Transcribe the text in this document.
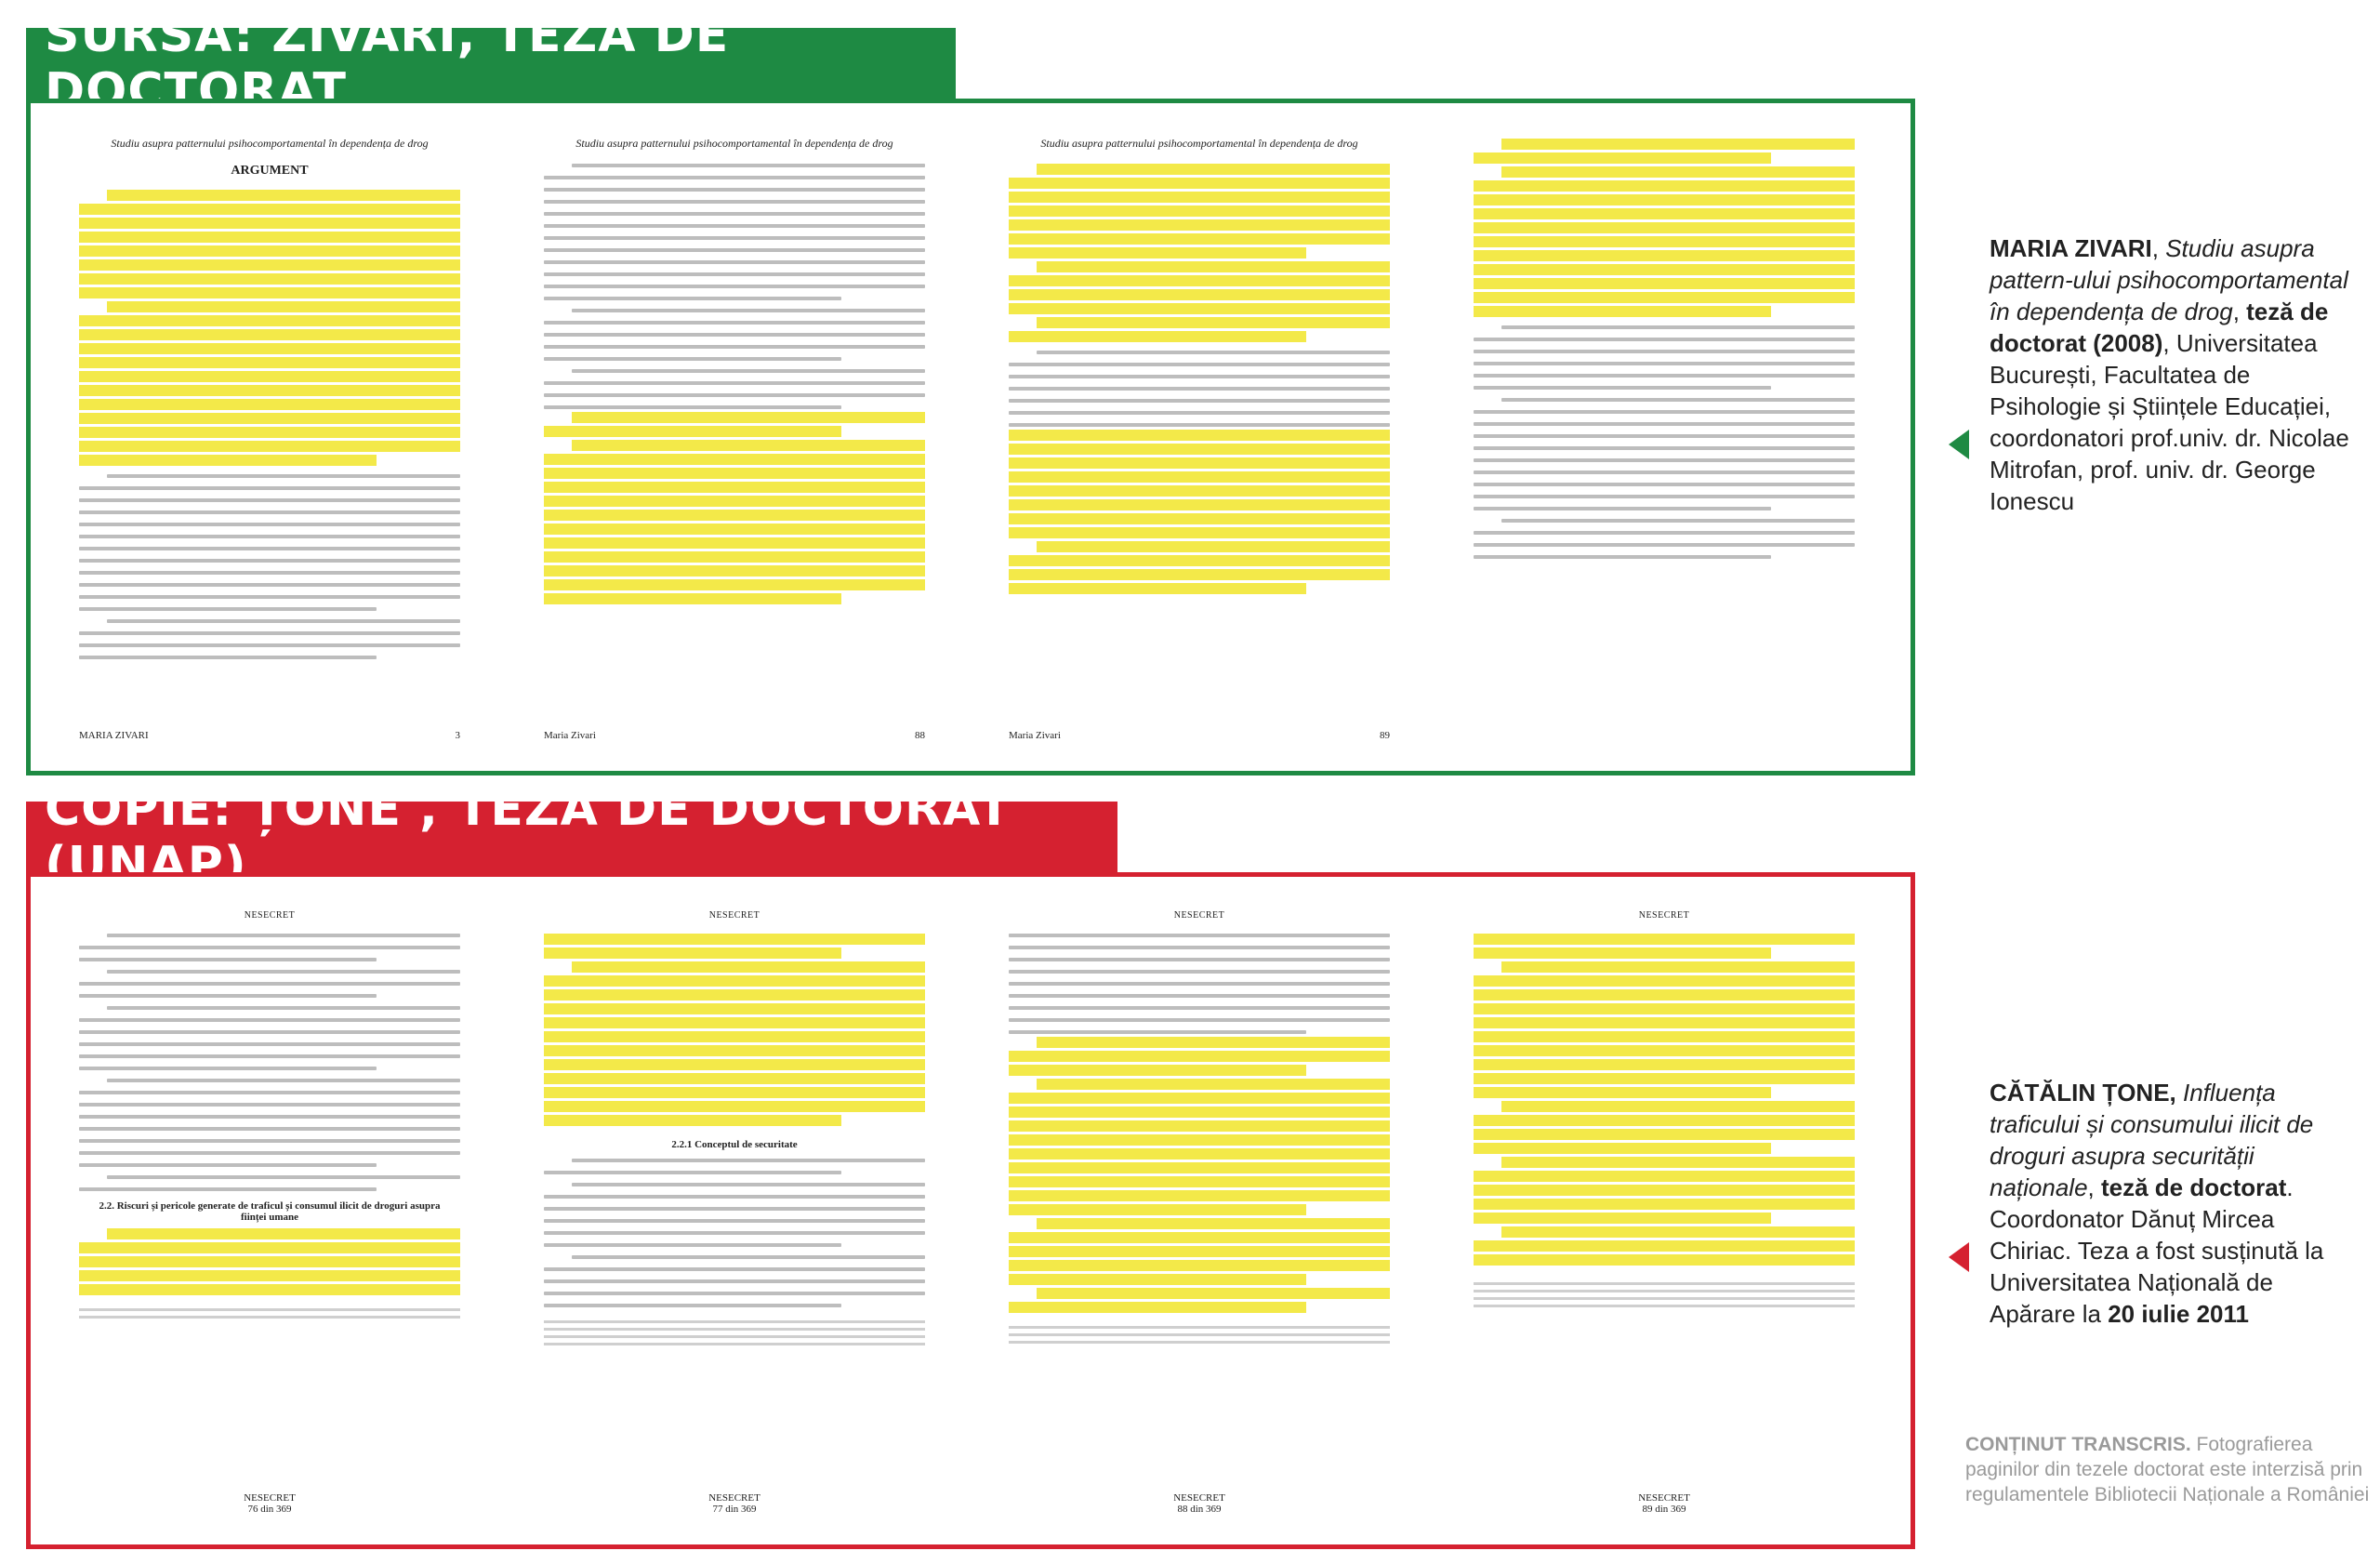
SURSĂ: ZIVARI, TEZĂ DE DOCTORAT
Studiu asupra patternului psihocomportamental în dependența de drog
ARGUMENT
MARIA ZIVARI	3
Studiu asupra patternului psihocomportamental în dependența de drog
Maria Zivari	88
Studiu asupra patternului psihocomportamental în dependența de drog
Maria Zivari	89
MARIA ZIVARI, Studiu asupra pattern-ului psihocomportamental în dependența de drog, teză de doctorat (2008), Universitatea București, Facultatea de Psihologie și Științele Educației, coordonatori prof.univ. dr. Nicolae Mitrofan, prof. univ. dr. George Ionescu
COPIE: ȚONE , TEZĂ DE DOCTORAT (UNAP)
NESECRET
2.2. Riscuri și pericole generate de traficul și consumul ilicit de droguri asupra ființei umane
NESECRET
76 din 369
NESECRET
2.2.1 Conceptul de securitate
NESECRET
77 din 369
NESECRET
NESECRET
88 din 369
NESECRET
NESECRET
89 din 369
CĂTĂLIN ȚONE, Influența traficului și consumului ilicit de droguri asupra securității naționale, teză de doctorat. Coordonator Dănuț Mircea Chiriac. Teza a fost susținută la Universitatea Națională de Apărare la 20 iulie 2011
CONȚINUT TRANSCRIS. Fotografierea paginilor din tezele doctorat este interzisă prin regulamentele Bibliotecii Naționale a României
